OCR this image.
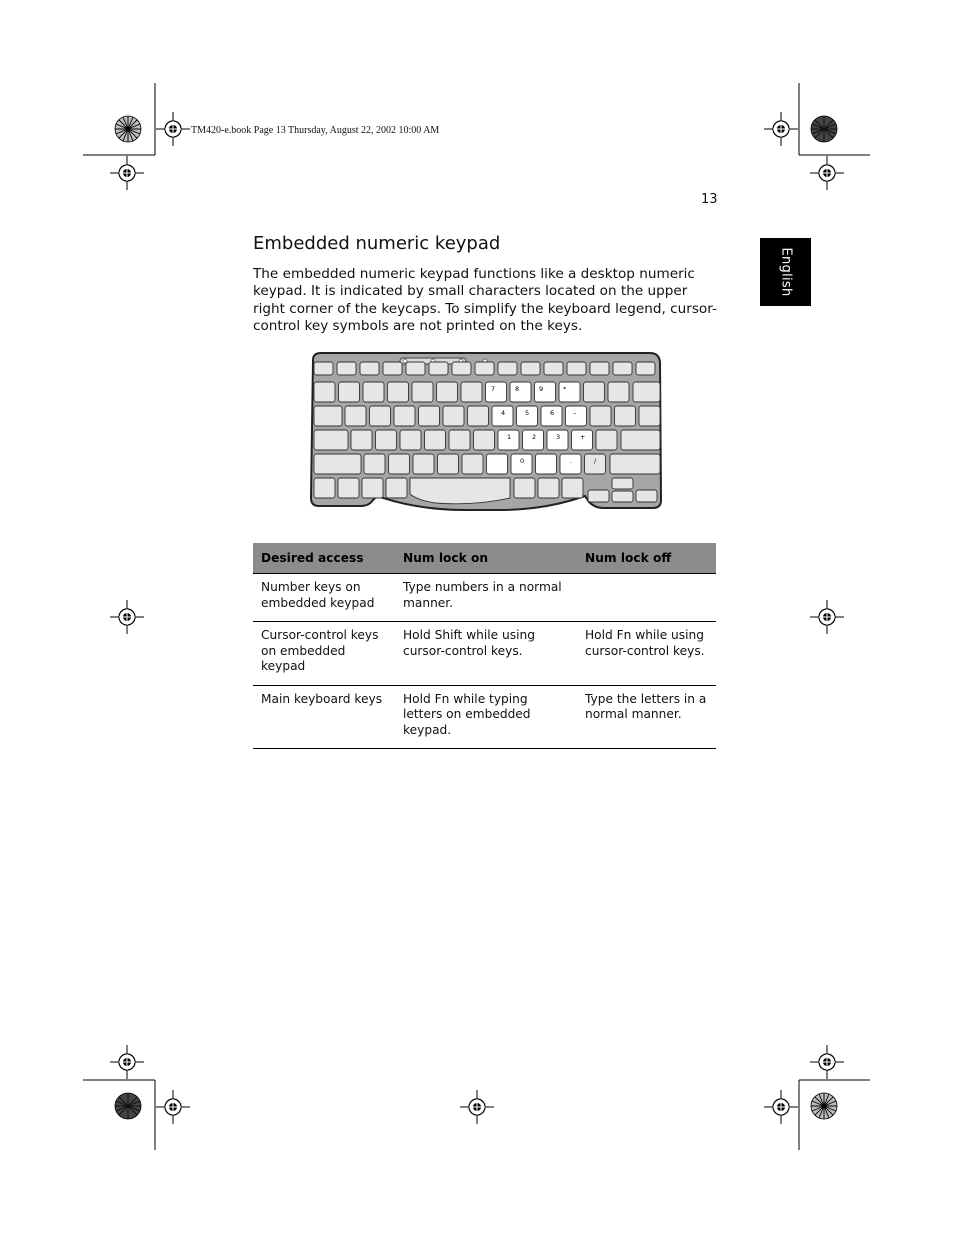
TM420-e.book Page 13 Thursday, August 22, 2002 10:00 AM
13
English
Embedded numeric keypad

The embedded numeric keypad functions like a desktop numeric keypad. It is indicated by small characters located on the upper right corner of the keycaps. To simplify the keyboard legend, cursor-control key symbols are not printed on the keys.

7	8	9	*
4	5	6	–
1	2	3	+
0	.	/
Desired access	Num lock on	Num lock off
Number keys on embedded keypad	Type numbers in a normal manner.	
Cursor-control keys on embedded keypad	Hold Shift while using cursor-control keys.	Hold Fn while using cursor-control keys.
Main keyboard keys	Hold Fn while typing letters on embedded keypad.	Type the letters in a normal manner.
